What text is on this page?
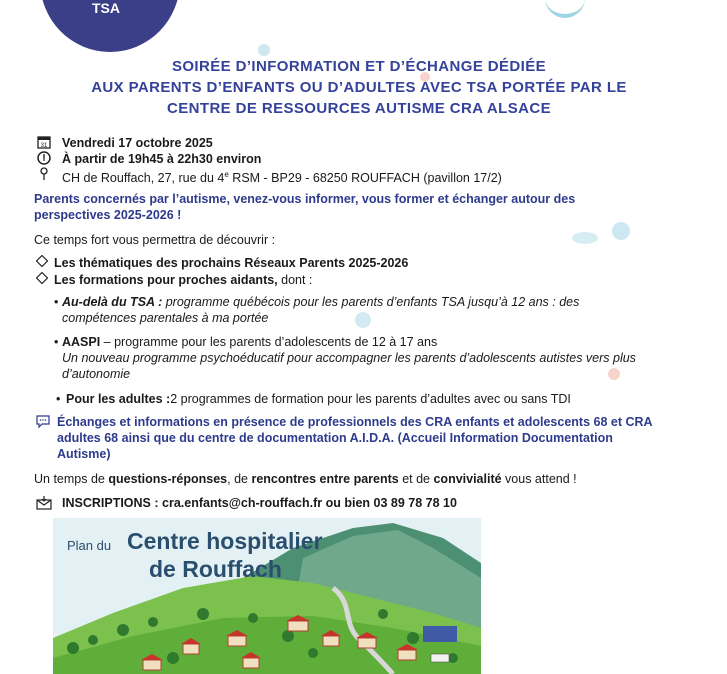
TSA
SOIRÉE D’INFORMATION ET D’ÉCHANGE DÉDIÉE
AUX PARENTS D’ENFANTS OU D’ADULTES AVEC TSA PORTÉE PAR LE
CENTRE DE RESSOURCES AUTISME CRA ALSACE
31 Vendredi 17 octobre 2025
À partir de 19h45 à 22h30 environ
CH de Rouffach, 27, rue du 4e RSM - BP29 - 68250 ROUFFACH (pavillon 17/2)
Parents concernés par l’autisme, venez-vous informer, vous former et échanger autour des perspectives 2025-2026 !
Ce temps fort vous permettra de découvrir :
Les thématiques des prochains Réseaux Parents 2025-2026
Les formations pour proches aidants, dont :
• Au-delà du TSA : programme québécois pour les parents d’enfants TSA jusqu’à 12 ans : des compétences parentales à ma portée
• AASPI – programme pour les parents d’adolescents de 12 à 17 ans
Un nouveau programme psychoéducatif pour accompagner les parents d’adolescents autistes vers plus d’autonomie
• Pour les adultes :2 programmes de formation pour les parents d’adultes avec ou sans TDI
Échanges et informations en présence de professionnels des CRA enfants et adolescents 68 et CRA adultes 68 ainsi que du centre de documentation A.I.D.A. (Accueil Information Documentation Autisme)
Un temps de questions-réponses, de rencontres entre parents et de convivialité vous attend !
INSCRIPTIONS : cra.enfants@ch-rouffach.fr ou bien 03 89 78 78 10
Plan du Centre hospitalier
de Rouffach
